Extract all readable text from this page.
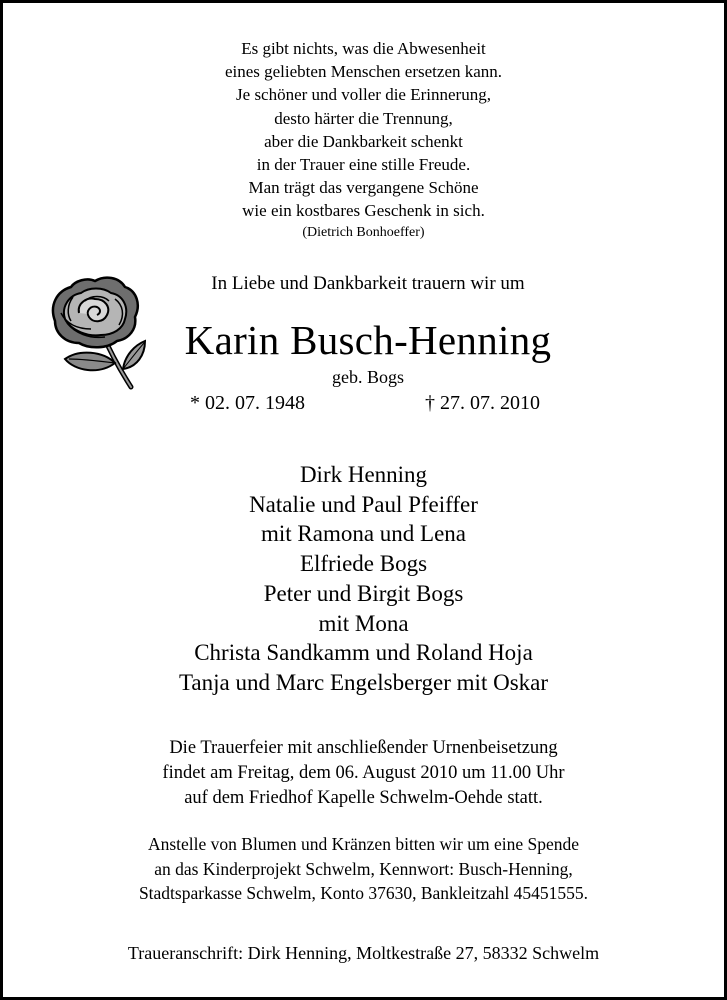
Es gibt nichts, was die Abwesenheit
eines geliebten Menschen ersetzen kann.
Je schöner und voller die Erinnerung,
desto härter die Trennung,
aber die Dankbarkeit schenkt
in der Trauer eine stille Freude.
Man trägt das vergangene Schöne
wie ein kostbares Geschenk in sich.
(Dietrich Bonhoeffer)
In Liebe und Dankbarkeit trauern wir um
Karin Busch-Henning
geb. Bogs
* 02. 07. 1948	† 27. 07. 2010
Dirk Henning
Natalie und Paul Pfeiffer
mit Ramona und Lena
Elfriede Bogs
Peter und Birgit Bogs
mit Mona
Christa Sandkamm und Roland Hoja
Tanja und Marc Engelsberger mit Oskar
Die Trauerfeier mit anschließender Urnenbeisetzung
findet am Freitag, dem 06. August 2010 um 11.00 Uhr
auf dem Friedhof Kapelle Schwelm-Oehde statt.
Anstelle von Blumen und Kränzen bitten wir um eine Spende
an das Kinderprojekt Schwelm, Kennwort: Busch-Henning,
Stadtsparkasse Schwelm, Konto 37630, Bankleitzahl 45451555.
Traueranschrift: Dirk Henning, Moltkestraße 27, 58332 Schwelm
